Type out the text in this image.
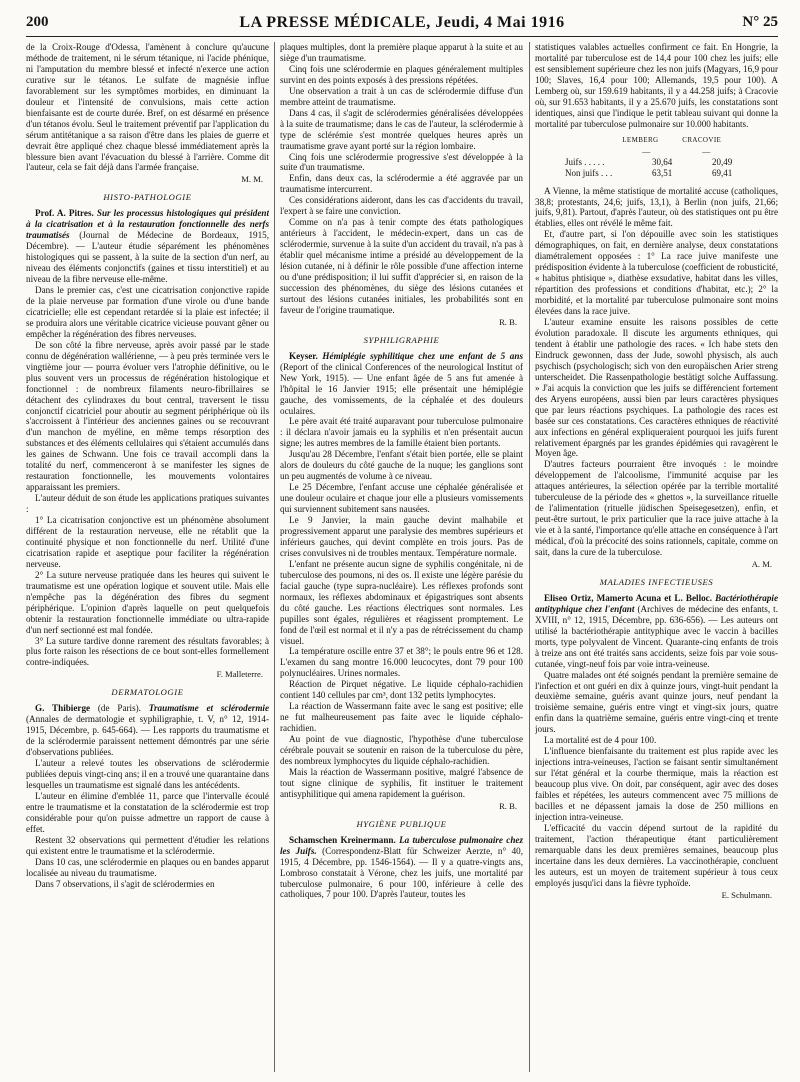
200	LA PRESSE MÉDICALE, Jeudi, 4 Mai 1916	N° 25

de la Croix-Rouge d'Odessa, l'amènent à conclure qu'aucune méthode de traitement, ni le sérum tétanique, ni l'acide phénique, ni l'amputation du membre blessé et infecté n'exerce une action curative sur le tétanos. Le sulfate de magnésie influe favorablement sur les symptômes morbides, en diminuant la douleur et l'intensité de convulsions, mais cette action bienfaisante est de courte durée. Bref, on est désarmé en présence d'un tétanos évolu. Seul le traitement préventif par l'application du sérum antitétanique a sa raison d'être dans les plaies de guerre et devrait être appliqué chez chaque blessé immédiatement après la blessure bien avant l'évacuation du blessé à l'arrière. Comme dit l'auteur, cela se fait déjà dans l'armée française.

M. M.
HISTO-PATHOLOGIE

Prof. A. Pitres. Sur les processus histologiques qui président à la cicatrisation et à la restauration fonctionnelle des nerfs traumatisés (Journal de Médecine de Bordeaux, 1915, Décembre). — L'auteur étudie séparément les phénomènes histologiques qui se passent, à la suite de la section d'un nerf, au niveau des éléments conjonctifs (gaines et tissu interstitiel) et au niveau de la fibre nerveuse elle-même.

Dans le premier cas, c'est une cicatrisation conjonctive rapide de la plaie nerveuse par formation d'une virole ou d'une bande cicatricielle; elle est cependant retardée si la plaie est infectée; il se produira alors une véritable cicatrice vicieuse pouvant gêner ou empêcher la régénération des fibres nerveuses.

De son côté la fibre nerveuse, après avoir passé par le stade connu de dégénération wallérienne, — à peu près terminée vers le vingtième jour — pourra évoluer vers l'atrophie définitive, ou le plus souvent vers un processus de régénération histologique et fonctionnel : de nombreux filaments neuro-fibrillaires se détachent des cylindraxes du bout central, traversent le tissu conjonctif cicatriciel pour aboutir au segment périphérique où ils s'accroissent à l'intérieur des anciennes gaines ou se recouvrant d'un manchon de myéline, en même temps résorption des substances et des éléments cellulaires qui s'étaient accumulés dans les gaines de Schwann. Une fois ce travail accompli dans la totalité du nerf, commenceront à se manifester les signes de restauration fonctionnelle, les mouvements volontaires apparaissant les premiers.

L'auteur déduit de son étude les applications pratiques suivantes :

1° La cicatrisation conjonctive est un phénomène absolument différent de la restauration nerveuse, elle ne rétablit que la continuité physique et non fonctionnelle du nerf. Utilité d'une cicatrisation rapide et aseptique pour faciliter la régénération nerveuse.

2° La suture nerveuse pratiquée dans les heures qui suivent le traumatisme est une opération logique et souvent utile. Mais elle n'empêche pas la dégénération des fibres du segment périphérique. L'opinion d'après laquelle on peut quelquefois obtenir la restauration fonctionnelle immédiate ou ultra-rapide d'un nerf sectionné est mal fondée.

3° La suture tardive donne rarement des résultats favorables; à plus forte raison les résections de ce bout sont-elles formellement contre-indiquées.

F. Malleterre.
DERMATOLOGIE

G. Thibierge (de Paris). Traumatisme et sclérodermie (Annales de dermatologie et syphiligraphie, t. V, n° 12, 1914-1915, Décembre, p. 645-664). — Les rapports du traumatisme et de la sclérodermie paraissent nettement démontrés par une série d'observations publiées.

L'auteur a relevé toutes les observations de sclérodermie publiées depuis vingt-cinq ans; il en a trouvé une quarantaine dans lesquelles un traumatisme est signalé dans les antécédents.

L'auteur en élimine d'emblée 11, parce que l'intervalle écoulé entre le traumatisme et la constatation de la sclérodermie est trop considérable pour qu'on puisse admettre un rapport de cause à effet.

Restent 32 observations qui permettent d'étudier les relations qui existent entre le traumatisme et la sclérodermie.

Dans 10 cas, une sclérodermie en plaques ou en bandes apparut localisée au niveau du traumatisme.

Dans 7 observations, il s'agit de sclérodermies en

plaques multiples, dont la première plaque apparut à la suite et au siège d'un traumatisme.

Cinq fois une sclérodermie en plaques généralement multiples survint en des points exposés à des pressions répétées.

Une observation a trait à un cas de sclérodermie diffuse d'un membre atteint de traumatisme.

Dans 4 cas, il s'agit de sclérodermies généralisées développées à la suite de traumatisme; dans le cas de l'auteur, la sclérodermie à type de sclérémie s'est montrée quelques heures après un traumatisme grave ayant porté sur la région lombaire.

Cinq fois une sclérodermie progressive s'est développée à la suite d'un traumatisme.

Enfin, dans deux cas, la sclérodermie a été aggravée par un traumatisme intercurrent.

Ces considérations aideront, dans les cas d'accidents du travail, l'expert à se faire une conviction.

Comme on n'a pas à tenir compte des états pathologiques antérieurs à l'accident, le médecin-expert, dans un cas de sclérodermie, survenue à la suite d'un accident du travail, n'a pas à établir quel mécanisme intime a présidé au développement de la lésion cutanée, ni à définir le rôle possible d'une affection interne ou d'une prédisposition; il lui suffit d'apprécier si, en raison de la succession des phénomènes, du siège des lésions cutanées et surtout des lésions cutanées initiales, les probabilités sont en faveur de l'origine traumatique.

R. B.
SYPHILIGRAPHIE

Keyser. Hémiplégie syphilitique chez une enfant de 5 ans (Report of the clinical Conferences of the neurological Institut of New York, 1915). — Une enfant âgée de 5 ans fut amenée à l'hôpital le 16 Janvier 1915; elle présentait une hémiplégie gauche, des vomissements, de la céphalée et des douleurs oculaires.

Le père avait été traité auparavant pour tuberculose pulmonaire : il déclara n'avoir jamais eu la syphilis et n'en présentait aucun signe; les autres membres de la famille étaient bien portants.

Jusqu'au 28 Décembre, l'enfant s'était bien portée, elle se plaint alors de douleurs du côté gauche de la nuque; les ganglions sont un peu augmentés de volume à ce niveau.

Le 25 Décembre, l'enfant accuse une céphalée généralisée et une douleur oculaire et chaque jour elle a plusieurs vomissements qui surviennent subitement sans nausées.

Le 9 Janvier, la main gauche devint malhabile et progressivement apparut une paralysie des membres supérieurs et inférieurs gauches, qui devint complète en trois jours. Pas de crises convulsives ni de troubles mentaux. Température normale.

L'enfant ne présente aucun signe de syphilis congénitale, ni de tuberculose des poumons, ni des os. Il existe une légère parésie du facial gauche (type supra-nucléaire). Les réflexes profonds sont normaux, les réflexes abdominaux et épigastriques sont absents du côté gauche. Les réactions électriques sont normales. Les pupilles sont égales, régulières et réagissent promptement. Le fond de l'œil est normal et il n'y a pas de rétrécissement du champ visuel.

La température oscille entre 37 et 38°; le pouls entre 96 et 128. L'examen du sang montre 16.000 leucocytes, dont 79 pour 100 polynucléaires. Urines normales.

Réaction de Pirquet négative. Le liquide céphalo-rachidien contient 140 cellules par cm³, dont 132 petits lymphocytes.

La réaction de Wassermann faite avec le sang est positive; elle ne fut malheureusement pas faite avec le liquide céphalo-rachidien.

Au point de vue diagnostic, l'hypothèse d'une tuberculose cérébrale pouvait se soutenir en raison de la tuberculose du père, des nombreux lymphocytes du liquide céphalo-rachidien.

Mais la réaction de Wassermann positive, malgré l'absence de tout signe clinique de syphilis, fit instituer le traitement antisyphilitique qui amena rapidement la guérison.

R. B.
HYGIÈNE PUBLIQUE

Schamschen Kreinermann. La tuberculose pulmonaire chez les Juifs. (Correspondenz-Blatt für Schweizer Aerzte, n° 40, 1915, 4 Décembre, pp. 1546-1564). — Il y a quatre-vingts ans, Lombroso constatait à Vérone, chez les juifs, une mortalité par tuberculose pulmonaire, 6 pour 100, inférieure à celle des catholiques, 7 pour 100. D'après l'auteur, toutes les

statistiques valables actuelles confirment ce fait. En Hongrie, la mortalité par tuberculose est de 14,4 pour 100 chez les juifs; elle est sensiblement supérieure chez les non juifs (Magyars, 16,9 pour 100; Slaves, 16,4 pour 100; Allemands, 19,5 pour 100). A Lemberg où, sur 159.619 habitants, il y a 44.258 juifs; à Cracovie où, sur 91.653 habitants, il y a 25.670 juifs, les constatations sont identiques, ainsi que l'indique le petit tableau suivant qui donne la mortalité par tuberculose pulmonaire sur 10.000 habitants.

	LEMBERG	CRACOVIE
	—	—
Juifs . . . . .	30,64	20,49
Non juifs . . .	63,51	69,41

A Vienne, la même statistique de mortalité accuse (catholiques, 38,8; protestants, 24,6; juifs, 13,1), à Berlin (non juifs, 21,66; juifs, 9,81). Partout, d'après l'auteur, où des statistiques ont pu être établies, elles ont révélé le même fait.

Et, d'autre part, si l'on dépouille avec soin les statistiques démographiques, on fait, en dernière analyse, deux constatations diamétralement opposées : 1° La race juive manifeste une prédisposition évidente à la tuberculose (coefficient de robusticité, « habitus phtisique », diathèse exsudative, habitat dans les villes, répartition des professions et conditions d'habitat, etc.); 2° la morbidité, et la mortalité par tuberculose pulmonaire sont moins élevées dans la race juive.

L'auteur examine ensuite les raisons possibles de cette évolution paradoxale. Il discute les arguments ethniques, qui tendent à établir une pathologie des races. « Ich habe stets den Eindruck gewonnen, dass der Jude, sowohl physisch, als auch psychisch (psychologisch; sich von den europäischen Arier streng unterscheidet. Die Rassenpathologie bestätigt solche Auffassung. » J'ai acquis la conviction que les juifs se différencient fortement des Aryens européens, aussi bien par leurs caractères physiques que par leurs réactions psychiques. La pathologie des races est basée sur ces constatations. Ces caractères ethniques de réactivité aux infections en général expliqueraient pourquoi les juifs furent relativement épargnés par les grandes épidémies qui ravagèrent le Moyen âge.

D'autres facteurs pourraient être invoqués : le moindre développement de l'alcoolisme, l'immunité acquise par les attaques antérieures, la sélection opérée par la terrible mortalité tuberculeuse de la période des « ghettos », la surveillance rituelle de l'alimentation (rituelle jüdischen Speisegesetzen), enfin, et peut-être surtout, le prix particulier que la race juive attache à la vie et à la santé, l'importance qu'elle attache en conséquence à l'art médical, d'où la précocité des soins rationnels, capitale, comme on sait, dans la cure de la tuberculose.

A. M.
MALADIES INFECTIEUSES

Eliseo Ortiz, Mamerto Acuna et L. Belloc. Bactériothérapie antityphique chez l'enfant (Archives de médecine des enfants, t. XVIII, n° 12, 1915, Décembre, pp. 636-656). — Les auteurs ont utilisé la bactériothérapie antityphique avec le vaccin à bacilles morts, type polyvalent de Vincent. Quarante-cinq enfants de trois à treize ans ont été traités sans accidents, seize fois par voie sous-cutanée, vingt-neuf fois par voie intra-veineuse.

Quatre malades ont été soignés pendant la première semaine de l'infection et ont guéri en dix à quinze jours, vingt-huit pendant la deuxième semaine, guéris avant quinze jours, neuf pendant la troisième semaine, guéris entre vingt et vingt-six jours, quatre enfin dans la quatrième semaine, guéris entre vingt-cinq et trente jours.

La mortalité est de 4 pour 100.

L'influence bienfaisante du traitement est plus rapide avec les injections intra-veineuses, l'action se faisant sentir simultanément sur l'état général et la courbe thermique, mais la réaction est beaucoup plus vive. On doit, par conséquent, agir avec des doses faibles et répétées, les auteurs commencent avec 75 millions de bacilles et ne dépassent jamais la dose de 250 millions en injection intra-veineuse.

L'efficacité du vaccin dépend surtout de la rapidité du traitement, l'action thérapeutique étant particulièrement remarquable dans les deux premières semaines, beaucoup plus incertaine dans les deux dernières. La vaccinothérapie, concluent les auteurs, est un moyen de traitement supérieur à tous ceux employés jusqu'ici dans la fièvre typhoïde.

E. Schulmann.
